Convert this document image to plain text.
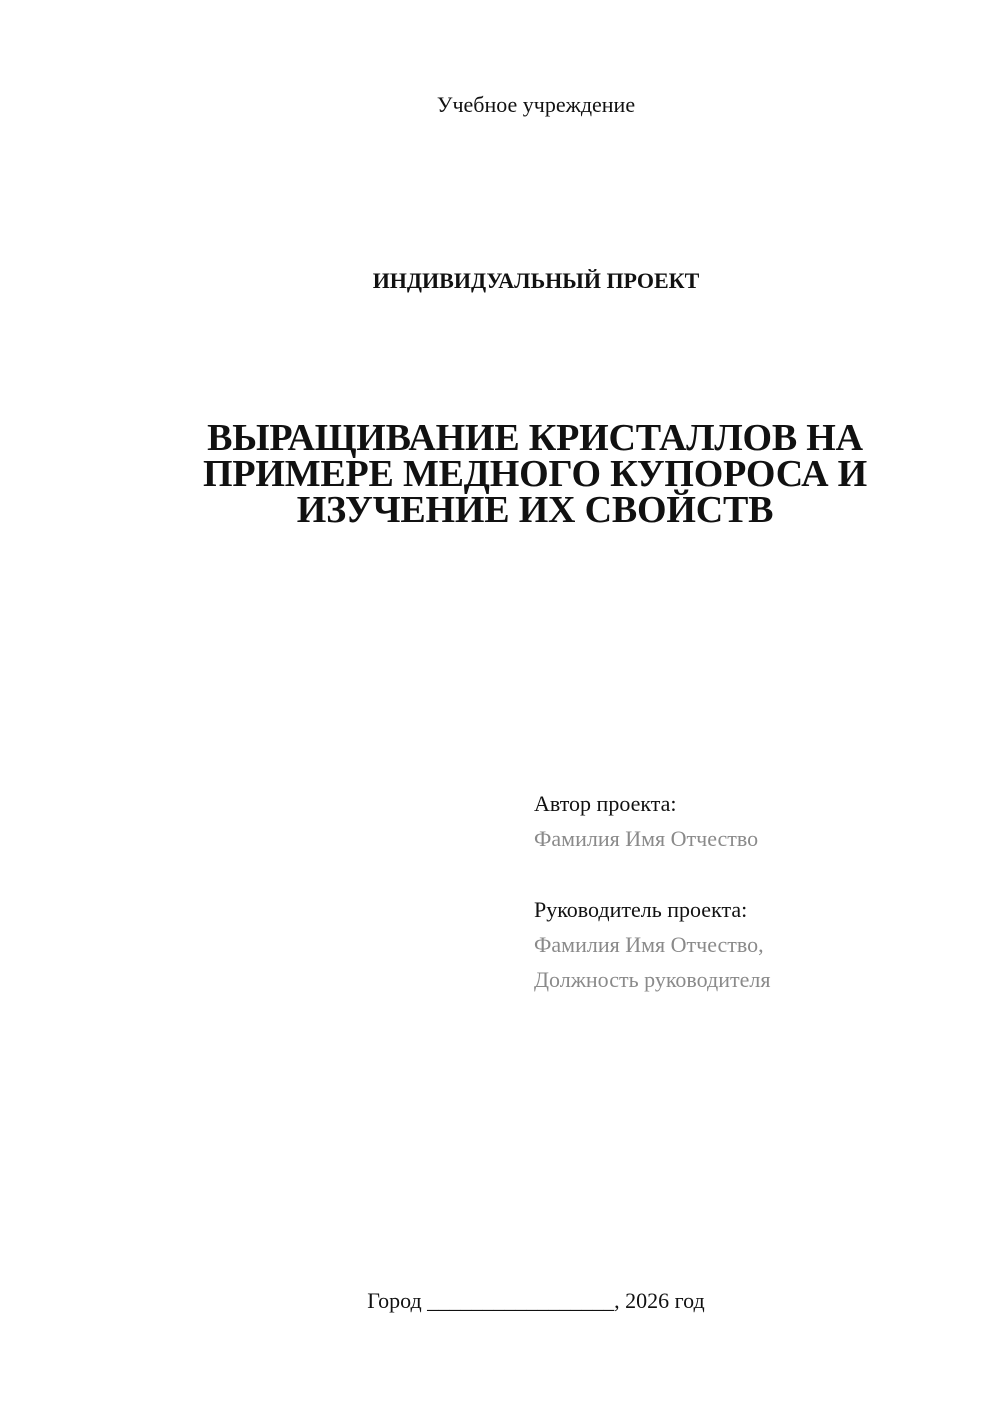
Учебное учреждение
ИНДИВИДУАЛЬНЫЙ ПРОЕКТ
ВЫРАЩИВАНИЕ КРИСТАЛЛОВ НА
ПРИМЕРЕ МЕДНОГО КУПОРОСА И
ИЗУЧЕНИЕ ИХ СВОЙСТВ
Автор проекта:
Фамилия Имя Отчество
Руководитель проекта:
Фамилия Имя Отчество,
Должность руководителя
Город _________________, 2026 год
